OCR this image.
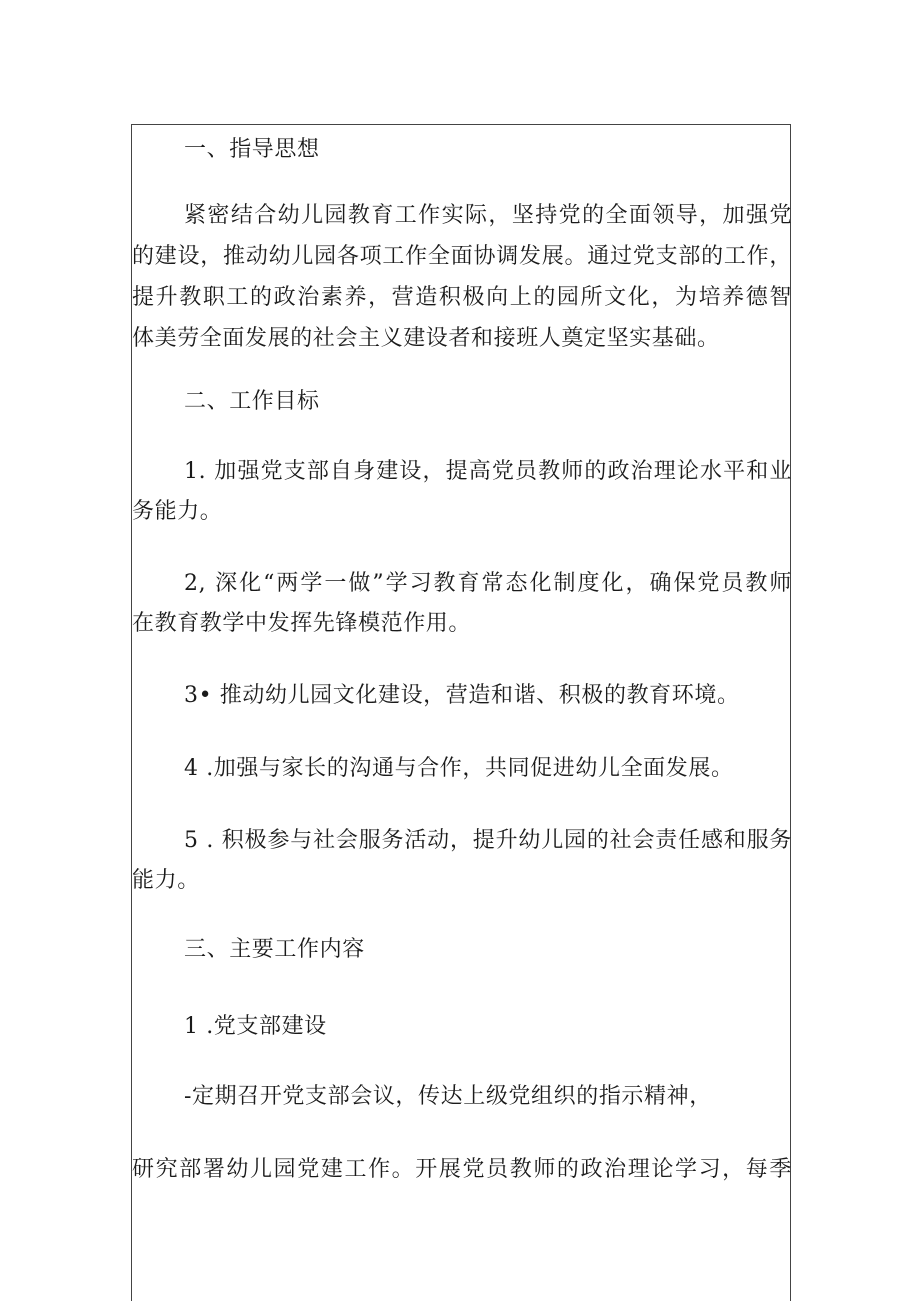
一、指导思想
紧密结合幼儿园教育工作实际，坚持党的全面领导，加强党
的建设，推动幼儿园各项工作全面协调发展。通过党支部的工作，
提升教职工的政治素养，营造积极向上的园所文化，为培养德智
体美劳全面发展的社会主义建设者和接班人奠定坚实基础。
二、工作目标
1. 加强党支部自身建设，提高党员教师的政治理论水平和业
务能力。
2, 深化“两学一做”学习教育常态化制度化，确保党员教师
在教育教学中发挥先锋模范作用。
3• 推动幼儿园文化建设，营造和谐、积极的教育环境。
4 .加强与家长的沟通与合作，共同促进幼儿全面发展。
5 . 积极参与社会服务活动，提升幼儿园的社会责任感和服务
能力。
三、主要工作内容
1 .党支部建设
-定期召开党支部会议，传达上级党组织的指示精神，
研究部署幼儿园党建工作。开展党员教师的政治理论学习，每季
